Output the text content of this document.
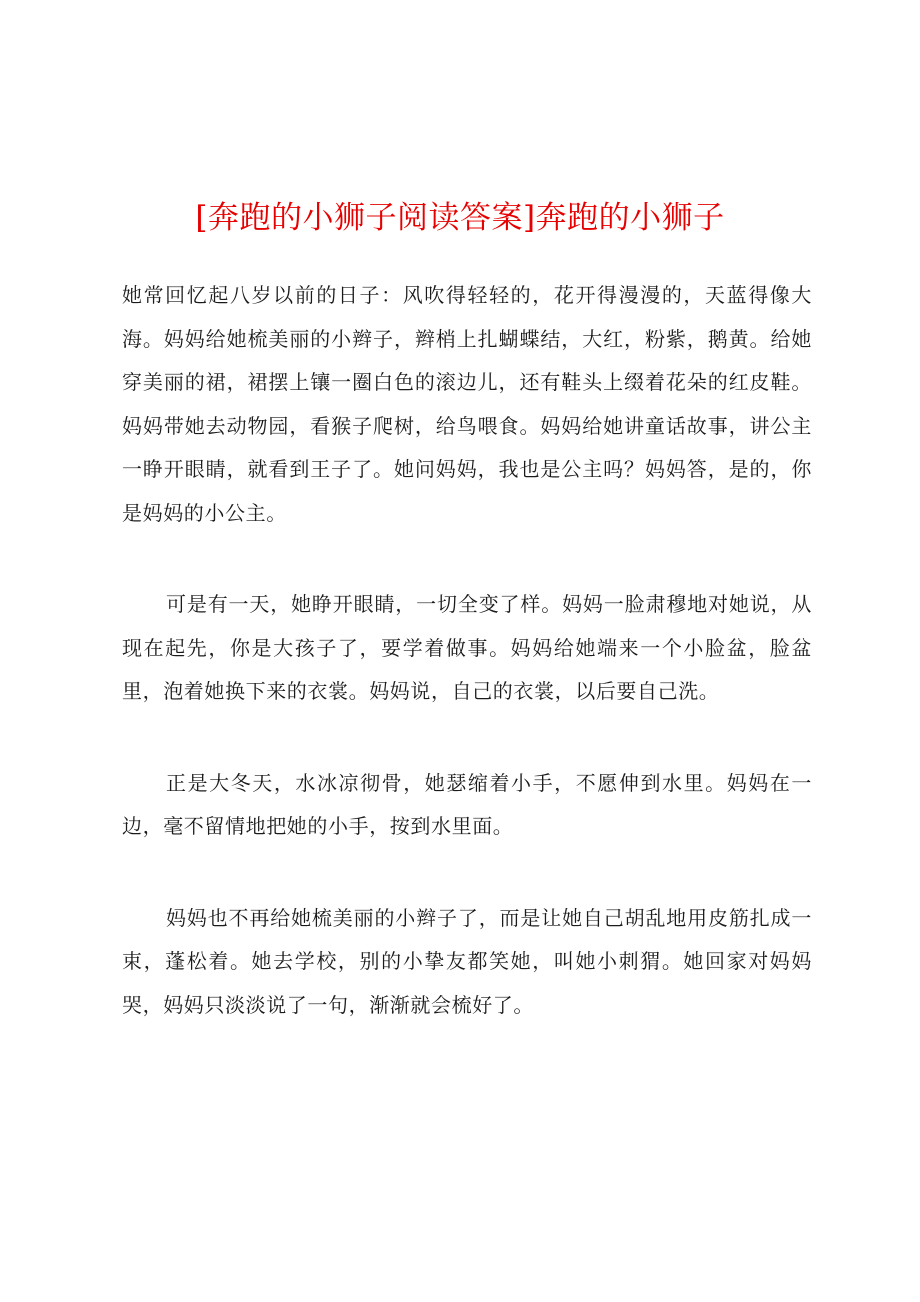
[奔跑的小狮子阅读答案]奔跑的小狮子

她常回忆起八岁以前的日子：风吹得轻轻的，花开得漫漫的，天蓝得像大海。妈妈给她梳美丽的小辫子，辫梢上扎蝴蝶结，大红，粉紫，鹅黄。给她穿美丽的裙，裙摆上镶一圈白色的滚边儿，还有鞋头上缀着花朵的红皮鞋。妈妈带她去动物园，看猴子爬树，给鸟喂食。妈妈给她讲童话故事，讲公主一睁开眼睛，就看到王子了。她问妈妈，我也是公主吗？妈妈答，是的，你是妈妈的小公主。

可是有一天，她睁开眼睛，一切全变了样。妈妈一脸肃穆地对她说，从现在起先，你是大孩子了，要学着做事。妈妈给她端来一个小脸盆，脸盆里，泡着她换下来的衣裳。妈妈说，自己的衣裳，以后要自己洗。

正是大冬天，水冰凉彻骨，她瑟缩着小手，不愿伸到水里。妈妈在一边，毫不留情地把她的小手，按到水里面。

妈妈也不再给她梳美丽的小辫子了，而是让她自己胡乱地用皮筋扎成一束，蓬松着。她去学校，别的小挚友都笑她，叫她小刺猬。她回家对妈妈哭，妈妈只淡淡说了一句，渐渐就会梳好了。
